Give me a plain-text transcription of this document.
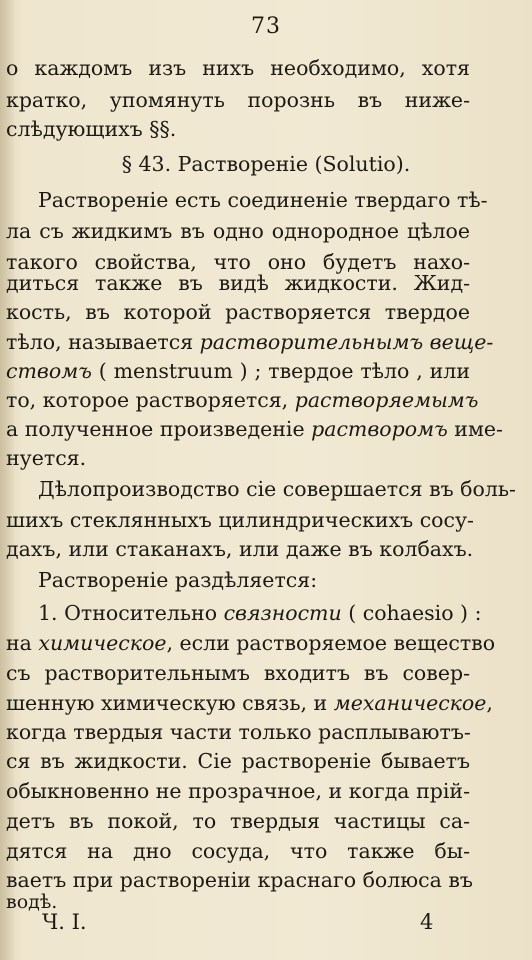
73
о каждомъ изъ нихъ необходимо, хотя
кратко, упомянуть порознь въ ниже-
слѣдующихъ §§.
§ 43. Растворенiе (Solutio).
Растворенiе есть соединенiе твердаго тѣ-
ла съ жидкимъ въ одно однородное цѣлое
такого свойства, что оно будетъ нахо-
диться также въ видѣ жидкости. Жид-
кость, въ которой растворяется твердое
тѣло, называется растворительнымъ веще-
ствомъ ( menstruum ) ; твердое тѣло , или
то, которое растворяется, растворяемымъ
а полученное произведенiе растворомъ име-
нуется.
Дѣлопроизводство сiе совершается въ боль-
шихъ стеклянныхъ цилиндрическихъ сосу-
дахъ, или стаканахъ, или даже въ колбахъ.
Растворенiе раздѣляется:
1. Относительно связности ( cohaesio ) :
на химическое, если растворяемое вещество
съ растворительнымъ входитъ въ совер-
шенную химическую связь, и механическое,
когда твердыя части только расплываютъ-
ся въ жидкости. Сiе растворенiе бываетъ
обыкновенно не прозрачное, и когда прiй-
детъ въ покой, то твердыя частицы са-
дятся на дно сосуда, что также бы-
ваетъ при растворенiи краснаго болюса въ
водѣ.
Ч. I.	4
